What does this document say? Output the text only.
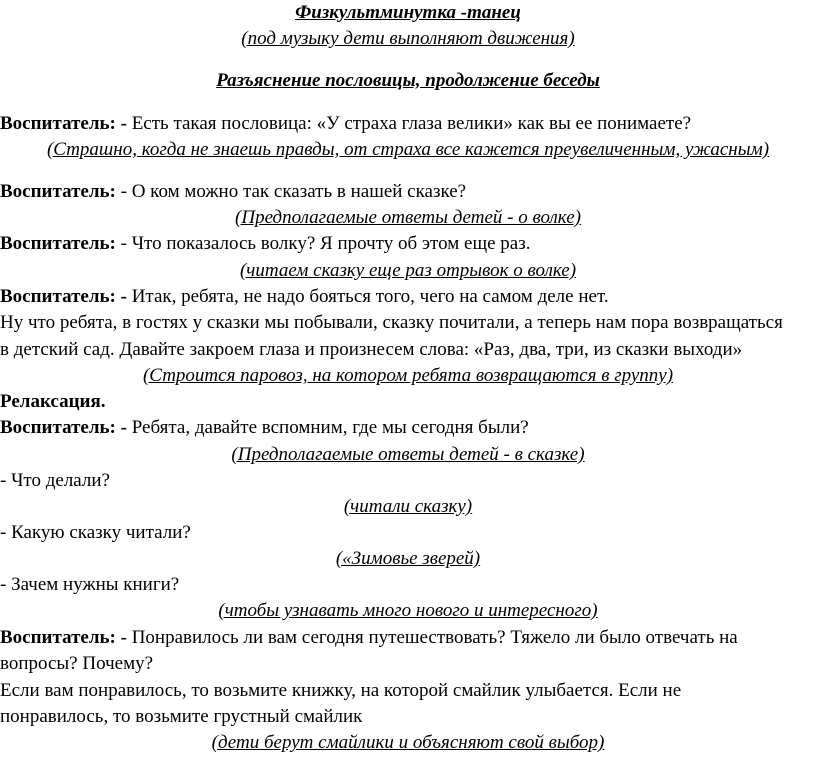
Физкультминутка -танец
(под музыку дети выполняют движения)
Разъяснение пословицы, продолжение беседы
Воспитатель: - Есть такая пословица: «У страха глаза велики» как вы ее понимаете?
(Страшно, когда не знаешь правды, от страха все кажется преувеличенным, ужасным)
Воспитатель: - О ком можно так сказать в нашей сказке?
(Предполагаемые ответы детей - о волке)
Воспитатель: - Что показалось волку? Я прочту об этом еще раз.
(читаем сказку еще раз отрывок о волке)
Воспитатель: - Итак, ребята, не надо бояться того, чего на самом деле нет.
Ну что ребята, в гостях у сказки мы побывали, сказку почитали, а теперь нам пора возвращаться
в детский сад. Давайте закроем глаза и произнесем слова: «Раз, два, три, из сказки выходи»
(Строится паровоз, на котором ребята возвращаются в группу)
Релаксация.
Воспитатель: - Ребята, давайте вспомним, где мы сегодня были?
(Предполагаемые ответы детей - в сказке)
- Что делали?
(читали сказку)
- Какую сказку читали?
(«Зимовье зверей)
- Зачем нужны книги?
(чтобы узнавать много нового и интересного)
Воспитатель: - Понравилось ли вам сегодня путешествовать? Тяжело ли было отвечать на
вопросы? Почему?
Если вам понравилось, то возьмите книжку, на которой смайлик улыбается. Если не
понравилось, то возьмите грустный смайлик
(дети берут смайлики и объясняют свой выбор)
